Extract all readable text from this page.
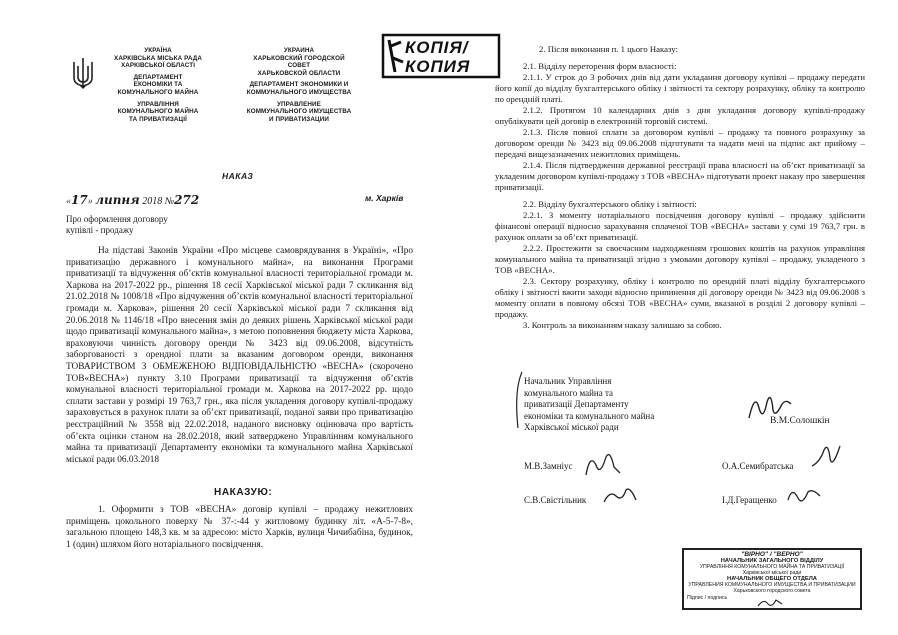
УКРАЇНА
ХАРКІВСЬКА МІСЬКА РАДА
ХАРКІВСЬКОЇ ОБЛАСТІ
ДЕПАРТАМЕНТ
ЕКОНОМІКИ ТА
КОМУНАЛЬНОГО МАЙНА
УПРАВЛІННЯ
КОМУНАЛЬНОГО МАЙНА
ТА ПРИВАТИЗАЦІЇ
УКРАИНА
ХАРЬКОВСКИЙ ГОРОДСКОЙ
СОВЕТ
ХАРЬКОВСКОЙ ОБЛАСТИ
ДЕПАРТАМЕНТ ЭКОНОМИКИ И
КОММУНАЛЬНОГО ИМУЩЕСТВА
УПРАВЛЕНИЕ
КОММУНАЛЬНОГО ИМУЩЕСТВА
И ПРИВАТИЗАЦИИ
КОПІЯ/
КОПИЯ
НАКАЗ
«17» липня 2018 №272	м. Харків
Про оформлення договору
купівлі - продажу
На підставі Законів України «Про місцеве самоврядування в Україні», «Про приватизацію державного і комунального майна», на виконання Програми приватизації та відчуження об’єктів комунальної власності територіальної громади м. Харкова на 2017-2022 рр., рішення 18 сесії Харківської міської ради 7 скликання від 21.02.2018 № 1008/18 «Про відчуження об’єктів комунальної власності територіальної громади м. Харкова», рішення 20 сесії Харківської міської ради 7 скликання від 20.06.2018 № 1146/18 «Про внесення змін до деяких рішень Харківської міської ради щодо приватизації комунального майна», з метою поповнення бюджету міста Харкова, враховуючи чинність договору оренди № 3423 від 09.06.2008, відсутність заборгованості з орендної плати за вказаним договором оренди, виконання ТОВАРИСТВОМ З ОБМЕЖЕНОЮ ВІДПОВІДАЛЬНІСТЮ «ВЕСНА» (скорочено ТОВ«ВЕСНА») пункту 3.10 Програми приватизації та відчуження об’єктів комунальної власності територіальної громади м. Харкова на 2017-2022 рр. щодо сплати застави у розмірі 19 763,7 грн., яка після укладення договору купівлі-продажу зараховується в рахунок плати за об’єкт приватизації, поданої заяви про приватизацію реєстраційний № 3558 від 22.02.2018, наданого висновку оцінювача про вартість об’єкта оцінки станом на 28.02.2018, який затверджено Управлінням комунального майна та приватизації Департаменту економіки та комунального майна Харківської міської ради 06.03.2018
НАКАЗУЮ:
1. Оформити з ТОВ «ВЕСНА» договір купівлі – продажу нежитлових приміщень цокольного поверху № 37-:-44 у житловому будинку літ. «А-5-7-8», загальною площею 148,3 кв. м за адресою: місто Харків, вулиця Чичибабіна, будинок, 1 (один) шляхом його нотаріального посвідчення.

2. Після виконання п. 1 цього Наказу:

2.1. Відділу переторення форм власності:

2.1.1. У строк до 3 робочих днів від дати укладання договору купівлі – продажу передати його копії до відділу бухгалтерського обліку і звітності та сектору розрахунку, обліку та контролю по орендній платі.

2.1.2. Протягом 10 календарних днів з дня укладання договору купівлі-продажу опублікувати цей договір в електронній торговій системі.

2.1.3. Після повної сплати за договором купівлі – продажу та повного розрахунку за договором оренди № 3423 від 09.06.2008 підготувати та надати мені на підпис акт прийому – передачі вищезазначених нежитлових приміщень.

2.1.4. Після підтвердження державної реєстрації права власності на об’єкт приватизації за укладеним договором купівлі-продажу з ТОВ «ВЕСНА» підготувати проект наказу про завершення приватизації.

2.2. Відділу бухгалтерського обліку і звітності:

2.2.1. З моменту нотаріального посвідчення договору купівлі – продажу здійснити фінансові операції відносно зарахування сплаченої ТОВ «ВЕСНА» застави у сумі 19 763,7 грн. в рахунок оплати за об’єкт приватизації.

2.2.2. Простежити за своєчасним надходженням грошових коштів на рахунок управління комунального майна та приватизації згідно з умовами договору купівлі – продажу, укладеного з ТОВ «ВЕСНА».

2.3. Сектору розрахунку, обліку і контролю по орендній платі відділу бухгалтерського обліку і звітності вжити заходи відносно припинення дії договору оренди № 3423 від 09.06.2008 з моменту оплати в повному обсязі ТОВ «ВЕСНА» суми, вказаної в розділі 2 договору купівлі – продажу.

3. Контроль за виконанням наказу залишаю за собою.

Начальник Управління
комунального майна та
приватизації Департаменту
економіки та комунального майна
Харківської міської ради
В.М.Солошкін
М.В.Замніус	О.А.Семибратська
С.В.Свістільник	І.Д.Геращенко
"ВІРНО" / "ВЕРНО"
НАЧАЛЬНИК ЗАГАЛЬНОГО ВІДДІЛУ
УПРАВЛІННЯ КОМУНАЛЬНОГО МАЙНА ТА ПРИВАТИЗАЦІЇ
Харківської міської ради
НАЧАЛЬНИК ОБЩЕГО ОТДЕЛА
УПРАВЛЕНИЯ КОММУНАЛЬНОГО ИМУЩЕСТВА И ПРИВАТИЗАЦИИ
Харьковского городского совета
Підпис / подпись
